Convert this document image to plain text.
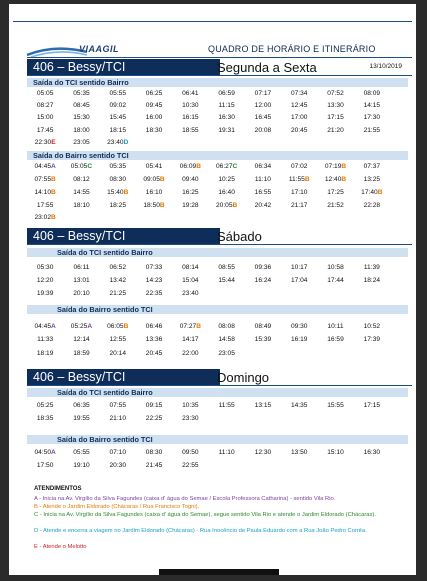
VIAAGIL	QUADRO DE HORÁRIO E ITINERÁRIO
ATENDIMENTOS
406 – Bessy/TCI	Segunda a Sexta	13/10/2019
Saída do TCI sentido Bairro
05:05	05:35	05:55	06:25	06:41	06:59	07:17	07:34	07:52	08:09
08:27	08:45	09:02	09:45	10:30	11:15	12:00	12:45	13:30	14:15
15:00	15:30	15:45	16:00	16:15	16:30	16:45	17:00	17:15	17:30
17:45	18:00	18:15	18:30	18:55	19:31	20:08	20:45	21:20	21:55
22:30E	23:05	23:40D
Saída do Bairro sentido TCI
04:45A	05:05C	05:35	05:41	06:09B	06:27C	06:34	07:02	07:19B	07:37
07:55B	08:12	08:30	09:05B	09:40	10:25	11:10	11:55B	12:40B	13:25
14:10B	14:55	15:40B	16:10	16:25	16:40	16:55	17:10	17:25	17:40B
17:55	18:10	18:25	18:50B	19:28	20:05B	20:42	21:17	21:52	22:28
23:02B
406 – Bessy/TCI	Sábado
Saída do TCI sentido Bairro
05:30	06:11	06:52	07:33	08:14	08:55	09:36	10:17	10:58	11:39
12:20	13:01	13:42	14:23	15:04	15:44	16:24	17:04	17:44	18:24
19:39	20:10	21:25	22:35	23:40
Saída do Bairro sentido TCI
04:45A	05:25A	06:05B	06:46	07:27B	08:08	08:49	09:30	10:11	10:52
11:33	12:14	12:55	13:36	14:17	14:58	15:39	16:19	16:59	17:39
18:19	18:59	20:14	20:45	22:00	23:05
406 – Bessy/TCI	Domingo
Saída do TCI sentido Bairro
05:25	06:35	07:55	09:15	10:35	11:55	13:15	14:35	15:55	17:15
18:35	19:55	21:10	22:25	23:30
Saída do Bairro sentido TCI
04:50A	05:55	07:10	08:30	09:50	11:10	12:30	13:50	15:10	16:30
17:50	19:10	20:30	21:45	22:55
A - Inicia na Av. Virgílio da Silva Fagundes (caixa d' água do Semae / Escola Professora Catharina) - sentido Vila Rio.
B - Atende o Jardim Eldorado (Chácaras / Rua Francisco Togni).
C - Inicia na Av. Virgílio da Silva Fagundes (caixa d' água do Semae), segue sentido Vila Rio e atende o Jardim Eldorado (Chácaras).
D - Atende e encerra a viagem no Jardim Eldorado (Chácaras) - Rua Inocêncio de Paula Eduardo com a Rua João Pedro Corrêa.
E - Atende o Melotto
